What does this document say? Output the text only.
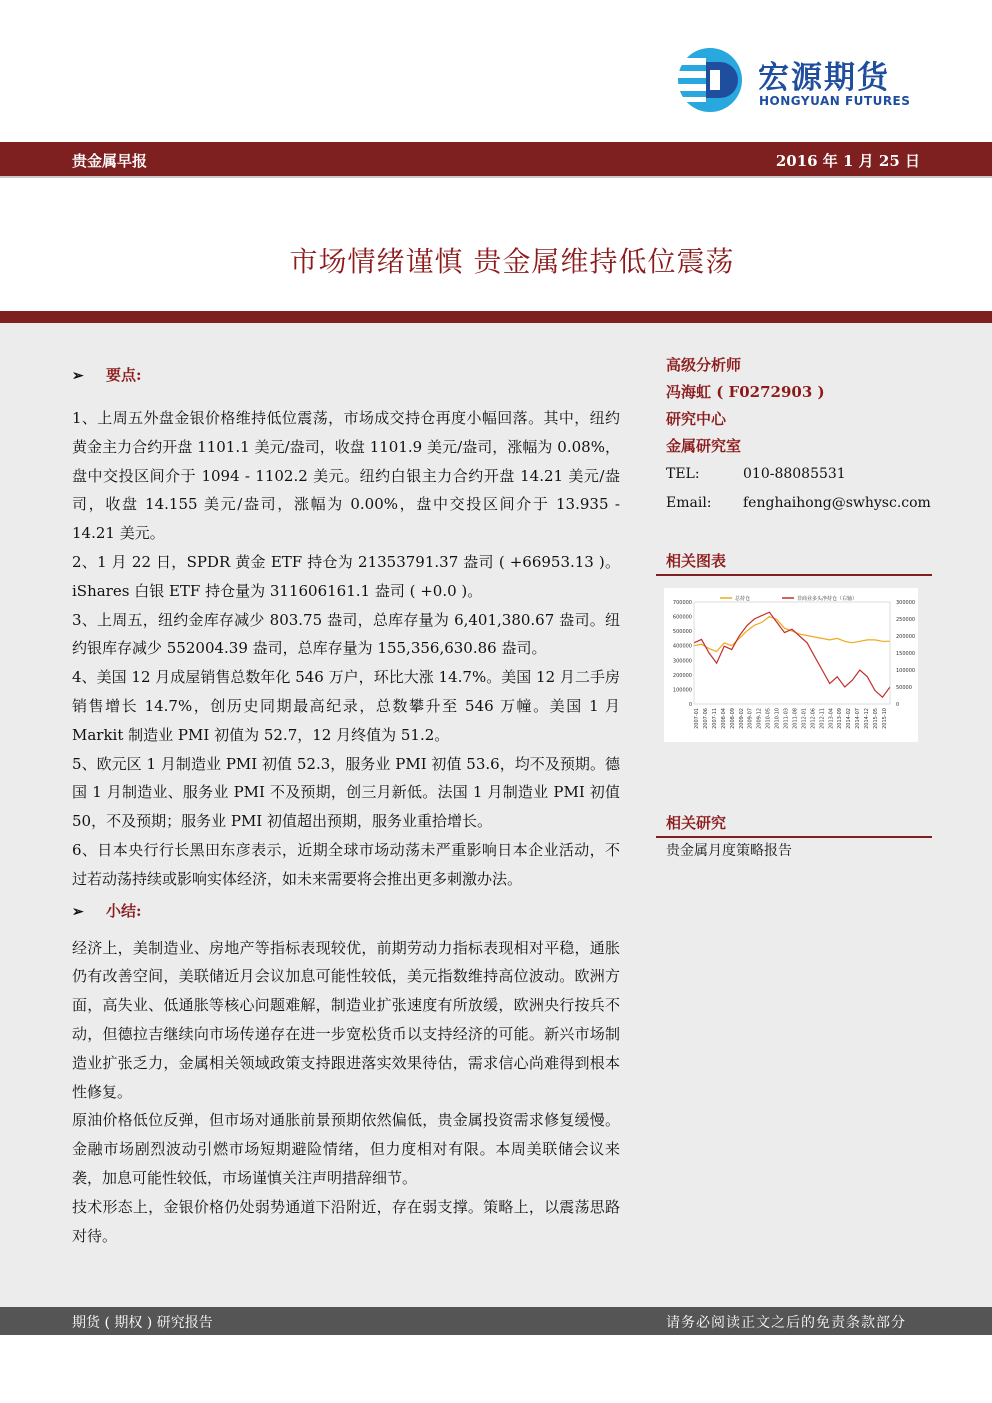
宏源期货
HONGYUAN FUTURES
贵金属早报	2016 年 1 月 25 日
市场情绪谨慎 贵金属维持低位震荡
➢ 要点:

1、上周五外盘金银价格维持低位震荡，市场成交持仓再度小幅回落。其中，纽约黄金主力合约开盘 1101.1 美元/盎司，收盘 1101.9 美元/盎司，涨幅为 0.08%，盘中交投区间介于 1094 - 1102.2 美元。纽约白银主力合约开盘 14.21 美元/盎司，收盘 14.155 美元/盎司，涨幅为 0.00%，盘中交投区间介于 13.935 - 14.21 美元。

2、1 月 22 日，SPDR 黄金 ETF 持仓为 21353791.37 盎司 ( +66953.13 )。iShares 白银 ETF 持仓量为 311606161.1 盎司 ( +0.0 )。

3、上周五，纽约金库存减少 803.75 盎司，总库存量为 6,401,380.67 盎司。纽约银库存减少 552004.39 盎司，总库存量为 155,356,630.86 盎司。

4、美国 12 月成屋销售总数年化 546 万户，环比大涨 14.7%。美国 12 月二手房销售增长 14.7%，创历史同期最高纪录，总数攀升至 546 万幢。美国 1 月 Markit 制造业 PMI 初值为 52.7，12 月终值为 51.2。

5、欧元区 1 月制造业 PMI 初值 52.3，服务业 PMI 初值 53.6，均不及预期。德国 1 月制造业、服务业 PMI 不及预期，创三月新低。法国 1 月制造业 PMI 初值 50，不及预期；服务业 PMI 初值超出预期，服务业重拾增长。

6、日本央行行长黑田东彦表示，近期全球市场动荡未严重影响日本企业活动，不过若动荡持续或影响实体经济，如未来需要将会推出更多刺激办法。

➢ 小结:

经济上，美制造业、房地产等指标表现较优，前期劳动力指标表现相对平稳，通胀仍有改善空间，美联储近月会议加息可能性较低，美元指数维持高位波动。欧洲方面，高失业、低通胀等核心问题难解，制造业扩张速度有所放缓，欧洲央行按兵不动，但德拉吉继续向市场传递存在进一步宽松货币以支持经济的可能。新兴市场制造业扩张乏力，金属相关领域政策支持跟进落实效果待估，需求信心尚难得到根本性修复。

原油价格低位反弹，但市场对通胀前景预期依然偏低，贵金属投资需求修复缓慢。金融市场剧烈波动引燃市场短期避险情绪，但力度相对有限。本周美联储会议来袭，加息可能性较低，市场谨慎关注声明措辞细节。

技术形态上，金银价格仍处弱势通道下沿附近，存在弱支撑。策略上，以震荡思路对待。

高级分析师
冯海虹 ( F0272903 )
研究中心
金属研究室
TEL:	010-88085531
Email: fenghaihong@swhysc.com
相关图表
总持仓	非商业多头净持仓（右轴）
700000
600000
500000
400000
300000
200000
100000
0
300000
250000
200000
150000
100000
50000
0
2007-01 2007-06 2007-11 2008-04 2008-09 2009-02 2009-07 2009-12 2010-05 2010-10 2011-03 2011-08 2012-01 2012-06 2012-11 2013-04 2013-09 2014-02 2014-07 2014-12 2015-05 2015-10
相关研究
贵金属月度策略报告
期货 ( 期权 ) 研究报告	请务必阅读正文之后的免责条款部分
